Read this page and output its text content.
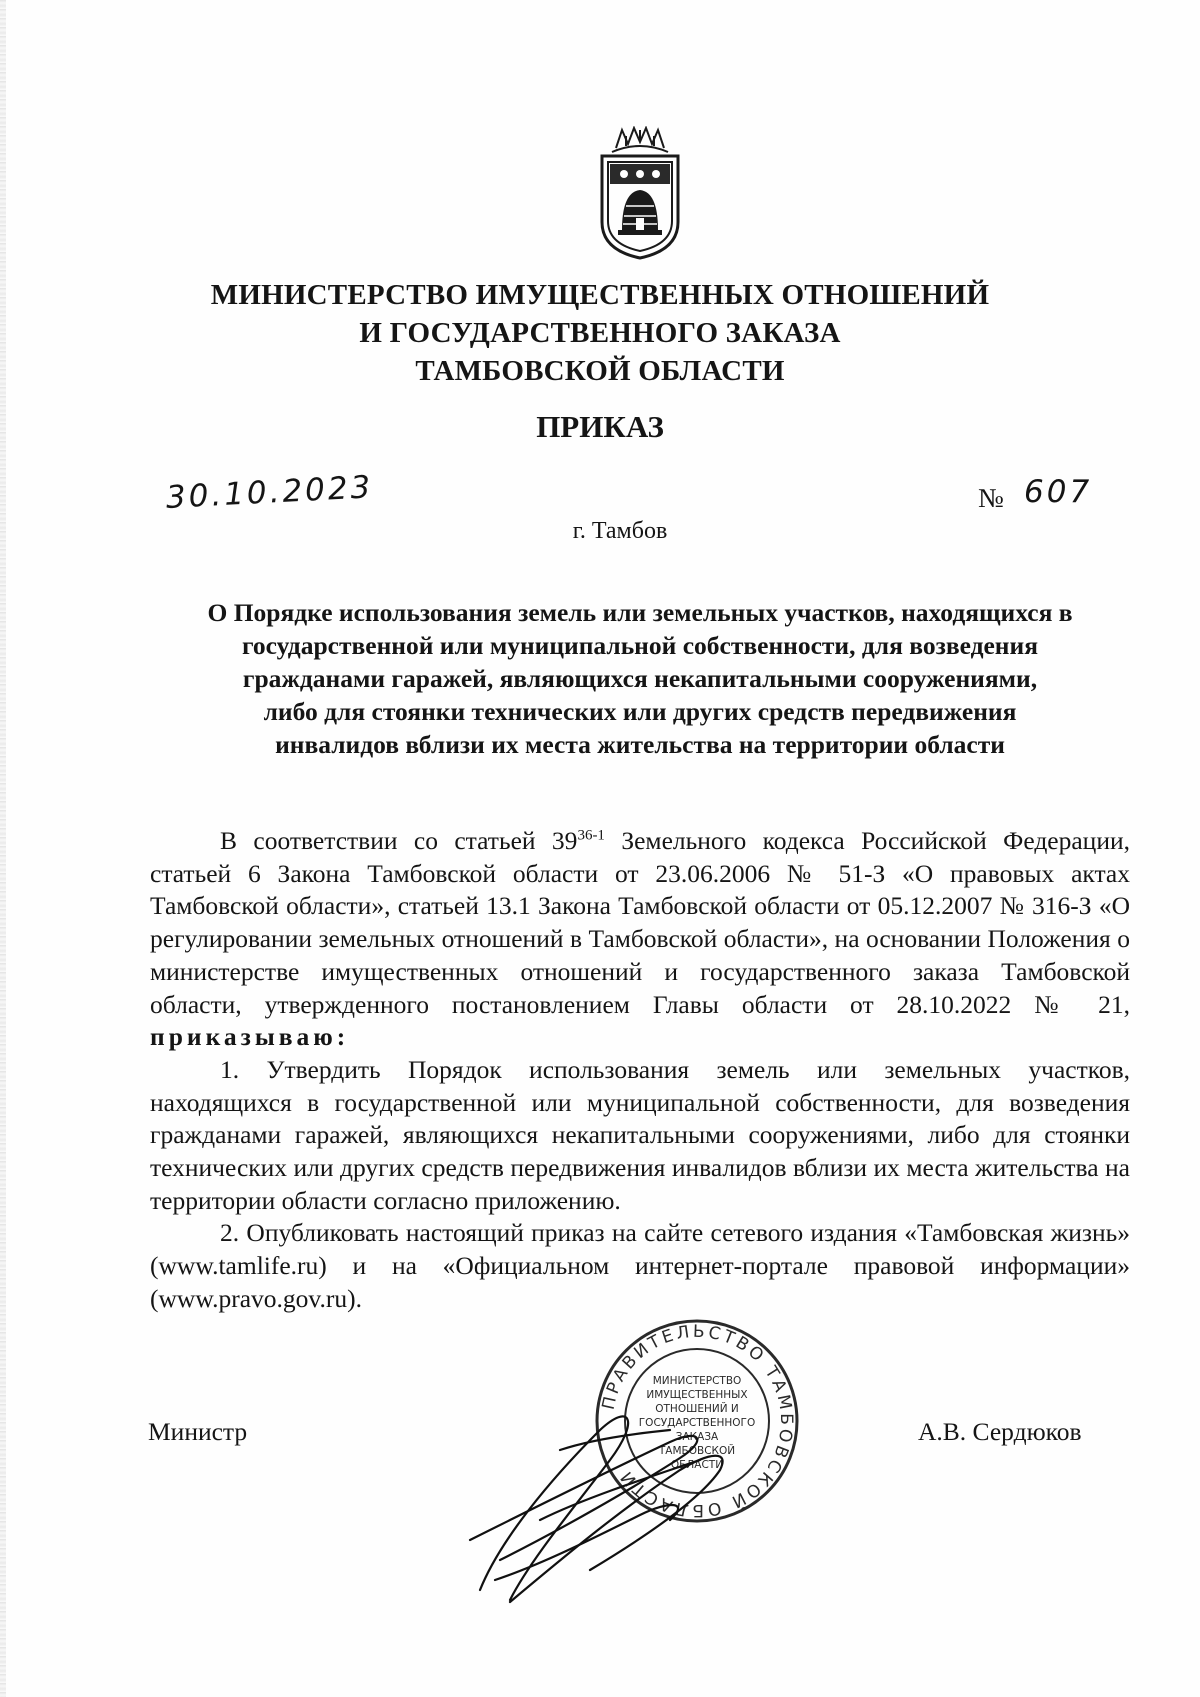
МИНИСТЕРСТВО ИМУЩЕСТВЕННЫХ ОТНОШЕНИЙ
И ГОСУДАРСТВЕННОГО ЗАКАЗА
ТАМБОВСКОЙ ОБЛАСТИ
ПРИКАЗ
30.10.2023	№ 607
г. Тамбов
О Порядке использования земель или земельных участков, находящихся в
государственной или муниципальной собственности, для возведения
гражданами гаражей, являющихся некапитальными сооружениями,
либо для стоянки технических или других средств передвижения
инвалидов вблизи их места жительства на территории области

В соответствии со статьей 39$^{36-1}$ Земельного кодекса Российской Федерации, статьей 6 Закона Тамбовской области от 23.06.2006 № 51-З «О правовых актах Тамбовской области», статьей 13.1 Закона Тамбовской области от 05.12.2007 № 316-З «О регулировании земельных отношений в Тамбовской области», на основании Положения о министерстве имущественных отношений и государственного заказа Тамбовской области, утвержденного постановлением Главы области от 28.10.2022 № 21, приказываю:

1. Утвердить Порядок использования земель или земельных участков, находящихся в государственной или муниципальной собственности, для возведения гражданами гаражей, являющихся некапитальными сооружениями, либо для стоянки технических или других средств передвижения инвалидов вблизи их места жительства на территории области согласно приложению.

2. Опубликовать настоящий приказ на сайте сетевого издания «Тамбовская жизнь» (www.tamlife.ru) и на «Официальном интернет-портале правовой информации» (www.pravo.gov.ru).

ПРАВИТЕЛЬСТВО ТАМБОВСКОЙ ОБЛАСТИ
МИНИСТЕРСТВО
ИМУЩЕСТВЕННЫХ
ОТНОШЕНИЙ И
ГОСУДАРСТВЕННОГО
ЗАКАЗА
ТАМБОВСКОЙ
ОБЛАСТИ
Министр	А.В. Сердюков
